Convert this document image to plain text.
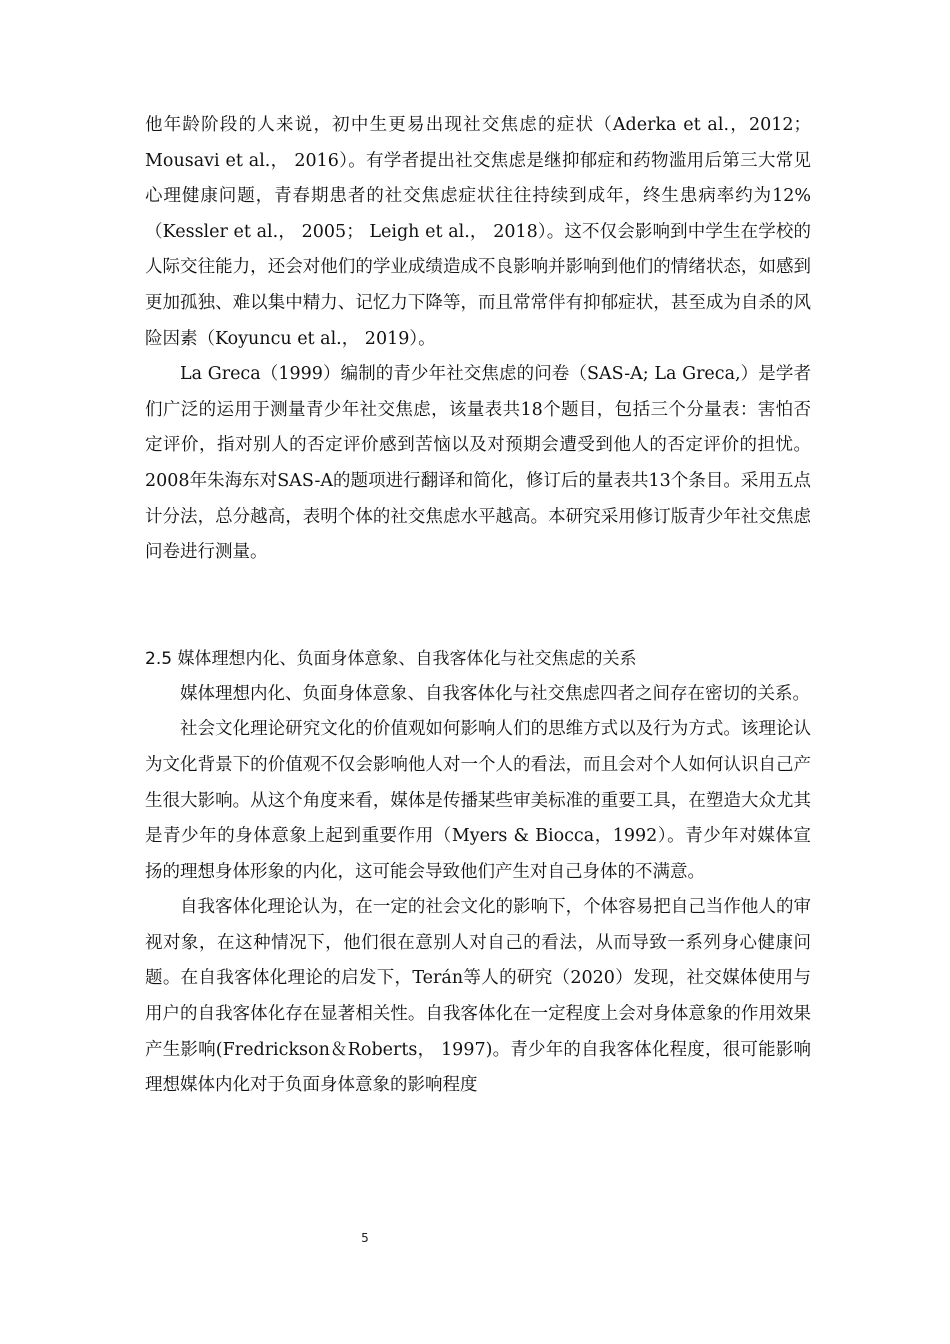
他年龄阶段的人来说，初中生更易出现社交焦虑的症状（Aderka et al.，2012； Mousavi et al.， 2016）。有学者提出社交焦虑是继抑郁症和药物滥用后第三大常见心理健康问题，青春期患者的社交焦虑症状往往持续到成年，终生患病率约为12%（Kessler et al.， 2005； Leigh et al.， 2018）。这不仅会影响到中学生在学校的人际交往能力，还会对他们的学业成绩造成不良影响并影响到他们的情绪状态，如感到更加孤独、难以集中精力、记忆力下降等，而且常常伴有抑郁症状，甚至成为自杀的风险因素（Koyuncu et al.， 2019）。

La Greca（1999）编制的青少年社交焦虑的问卷（SAS-A; La Greca,）是学者们广泛的运用于测量青少年社交焦虑，该量表共18个题目，包括三个分量表：害怕否定评价，指对别人的否定评价感到苦恼以及对预期会遭受到他人的否定评价的担忧。2008年朱海东对SAS-A的题项进行翻译和简化，修订后的量表共13个条目。采用五点计分法，总分越高，表明个体的社交焦虑水平越高。本研究采用修订版青少年社交焦虑问卷进行测量。

2.5 媒体理想内化、负面身体意象、自我客体化与社交焦虑的关系

媒体理想内化、负面身体意象、自我客体化与社交焦虑四者之间存在密切的关系。

社会文化理论研究文化的价值观如何影响人们的思维方式以及行为方式。该理论认为文化背景下的价值观不仅会影响他人对一个人的看法，而且会对个人如何认识自己产生很大影响。从这个角度来看，媒体是传播某些审美标准的重要工具，在塑造大众尤其是青少年的身体意象上起到重要作用（Myers & Biocca，1992）。青少年对媒体宣扬的理想身体形象的内化，这可能会导致他们产生对自己身体的不满意。

自我客体化理论认为，在一定的社会文化的影响下，个体容易把自己当作他人的审视对象，在这种情况下，他们很在意别人对自己的看法，从而导致一系列身心健康问题。在自我客体化理论的启发下，Terán等人的研究（2020）发现，社交媒体使用与用户的自我客体化存在显著相关性。自我客体化在一定程度上会对身体意象的作用效果产生影响(Fredrickson＆Roberts， 1997)。青少年的自我客体化程度，很可能影响理想媒体内化对于负面身体意象的影响程度

5
